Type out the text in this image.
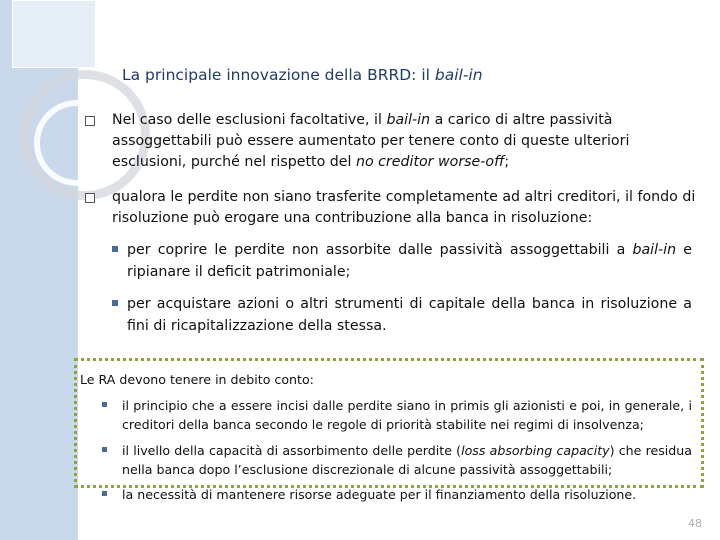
La principale innovazione della BRRD: il bail-in
Nel caso delle esclusioni facoltative, il bail-in a carico di altre passività assoggettabili può essere aumentato per tenere conto di queste ulteriori esclusioni, purché nel rispetto del no creditor worse-off;
qualora le perdite non siano trasferite completamente ad altri creditori, il fondo di risoluzione può erogare una contribuzione alla banca in risoluzione:
per coprire le perdite non assorbite dalle passività assoggettabili a bail-in e ripianare il deficit patrimoniale;
per acquistare azioni o altri strumenti di capitale della banca in risoluzione a fini di ricapitalizzazione della stessa.
Le RA devono tenere in debito conto:
il principio che a essere incisi dalle perdite siano in primis gli azionisti e poi, in generale, i creditori della banca secondo le regole di priorità stabilite nei regimi di insolvenza;
il livello della capacità di assorbimento delle perdite (loss absorbing capacity) che residua nella banca dopo l’esclusione discrezionale di alcune passività assoggettabili;
la necessità di mantenere risorse adeguate per il finanziamento della risoluzione.
48
